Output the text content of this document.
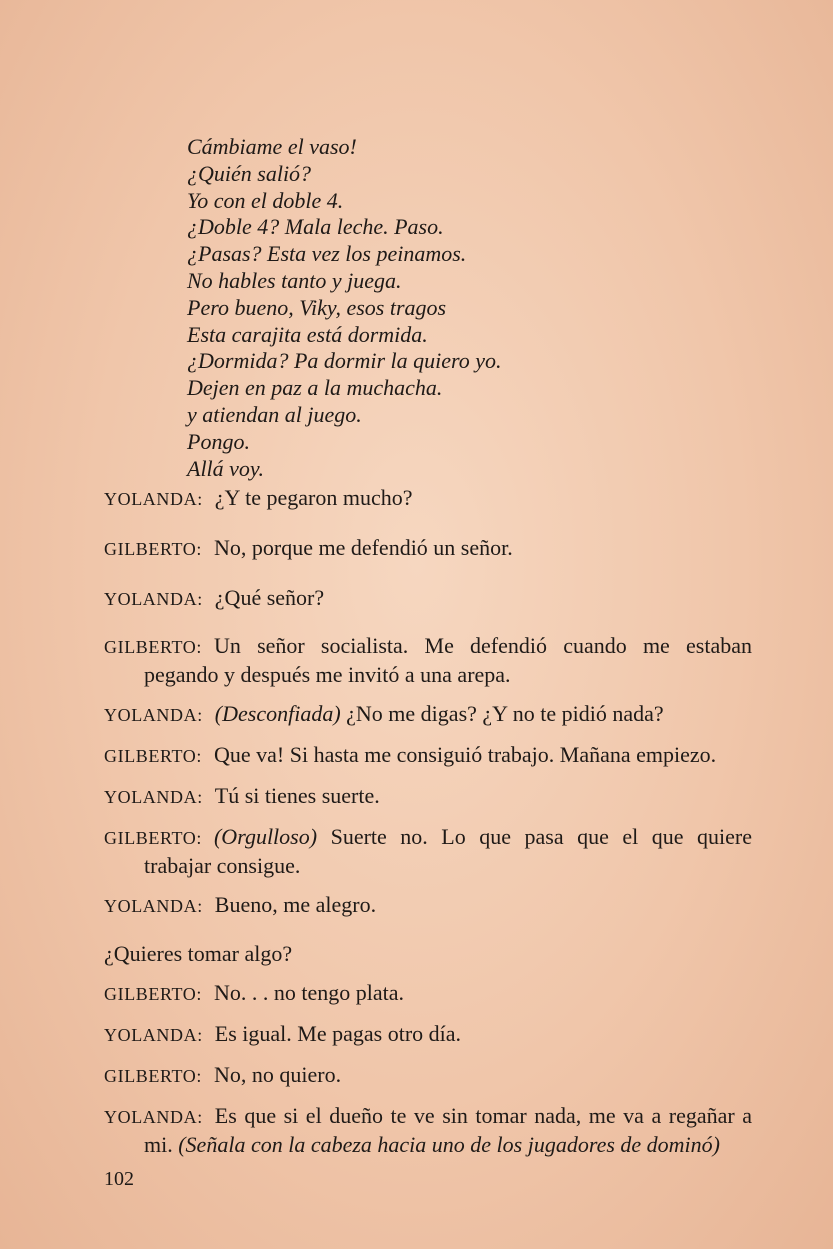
Cámbiame el vaso!
¿Quién salió?
Yo con el doble 4.
¿Doble 4? Mala leche. Paso.
¿Pasas? Esta vez los peinamos.
No hables tanto y juega.
Pero bueno, Viky, esos tragos
Esta carajita está dormida.
¿Dormida? Pa dormir la quiero yo.
Dejen en paz a la muchacha.
y atiendan al juego.
Pongo.
Allá voy.
YOLANDA: ¿Y te pegaron mucho?
GILBERTO: No, porque me defendió un señor.
YOLANDA: ¿Qué señor?
GILBERTO: Un señor socialista. Me defendió cuando me estaban pegando y después me invitó a una arepa.
YOLANDA: (Desconfiada) ¿No me digas? ¿Y no te pidió nada?
GILBERTO: Que va! Si hasta me consiguió trabajo. Mañana empiezo.
YOLANDA: Tú si tienes suerte.
GILBERTO: (Orgulloso) Suerte no. Lo que pasa que el que quiere trabajar consigue.
YOLANDA: Bueno, me alegro.
¿Quieres tomar algo?
GILBERTO: No. . . no tengo plata.
YOLANDA: Es igual. Me pagas otro día.
GILBERTO: No, no quiero.
YOLANDA: Es que si el dueño te ve sin tomar nada, me va a regañar a mi. (Señala con la cabeza hacia uno de los jugadores de dominó)
102
